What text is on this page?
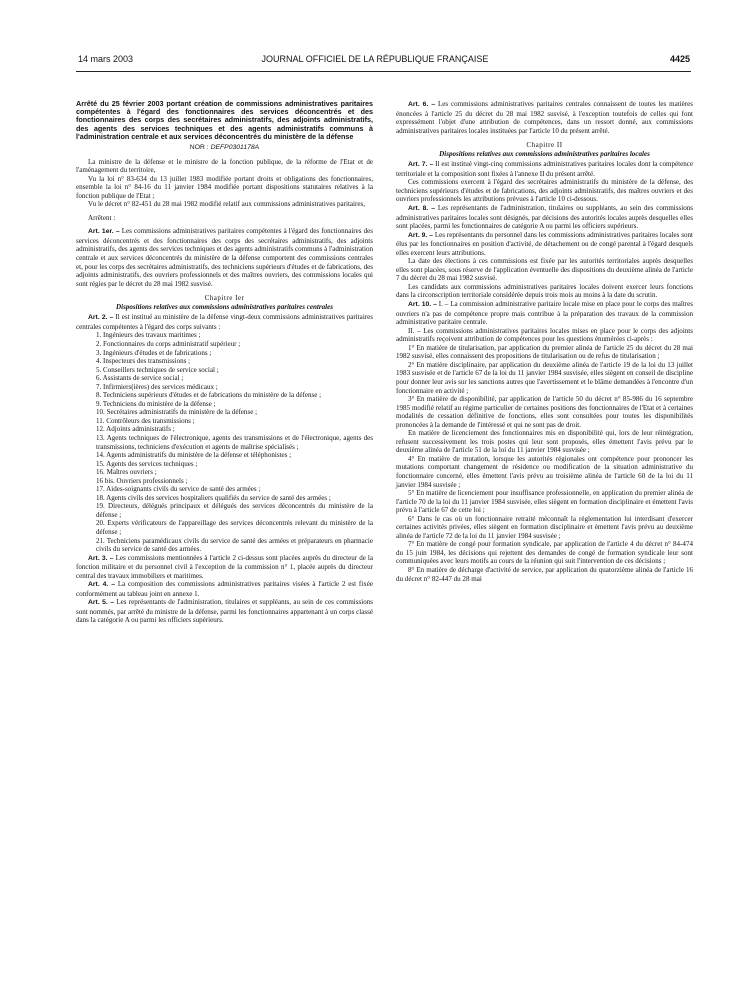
14 mars 2003	JOURNAL OFFICIEL DE LA RÉPUBLIQUE FRANÇAISE	4425

Arrêté du 25 février 2003 portant création de commissions administratives paritaires compétentes à l'égard des fonctionnaires des services déconcentrés et des fonctionnaires des corps des secrétaires administratifs, des adjoints administratifs, des agents des services techniques et des agents administratifs communs à l'administration centrale et aux services déconcentrés du ministère de la défense

NOR : DEFP0301178A

La ministre de la défense et le ministre de la fonction publique, de la réforme de l'Etat et de l'aménagement du territoire,

Vu la loi n° 83-634 du 13 juillet 1983 modifiée portant droits et obligations des fonctionnaires, ensemble la loi n° 84-16 du 11 janvier 1984 modifiée portant dispositions statutaires relatives à la fonction publique de l'Etat ;

Vu le décret n° 82-451 du 28 mai 1982 modifié relatif aux commissions administratives paritaires,

Arrêtent :

Art. 1er. – Les commissions administratives paritaires compétentes à l'égard des fonctionnaires des services déconcentrés et des fonctionnaires des corps des secrétaires administratifs, des adjoints administratifs, des agents des services techniques et des agents administratifs communs à l'administration centrale et aux services déconcentrés du ministère de la défense comportent des commissions centrales et, pour les corps des secrétaires administratifs, des techniciens supérieurs d'études et de fabrications, des adjoints administratifs, des ouvriers professionnels et des maîtres ouvriers, des commissions locales qui sont régies par le décret du 28 mai 1982 susvisé.

Chapitre Ier

Dispositions relatives aux commissions administratives paritaires centrales

Art. 2. – Il est institué au ministère de la défense vingt-deux commissions administratives paritaires centrales compétentes à l'égard des corps suivants :

1. Ingénieurs des travaux maritimes ;

2. Fonctionnaires du corps administratif supérieur ;

3. Ingénieurs d'études et de fabrications ;

4. Inspecteurs des transmissions ;

5. Conseillers techniques de service social ;

6. Assistants de service social ;

7. Infirmiers(ières) des services médicaux ;

8. Techniciens supérieurs d'études et de fabrications du ministère de la défense ;

9. Techniciens du ministère de la défense ;

10. Secrétaires administratifs du ministère de la défense ;

11. Contrôleurs des transmissions ;

12. Adjoints administratifs ;

13. Agents techniques de l'électronique, agents des transmissions et de l'électronique, agents des transmissions, techniciens d'exécution et agents de maîtrise spécialisés ;

14. Agents administratifs du ministère de la défense et téléphonistes ;

15. Agents des services techniques ;

16. Maîtres ouvriers ;

16 bis. Ouvriers professionnels ;

17. Aides-soignants civils du service de santé des armées ;

18. Agents civils des services hospitaliers qualifiés du service de santé des armées ;

19. Directeurs, délégués principaux et délégués des services déconcentrés du ministère de la défense ;

20. Experts vérificateurs de l'appareillage des services déconcentrés relevant du ministère de la défense ;

21. Techniciens paramédicaux civils du service de santé des armées et préparateurs en pharmacie civils du service de santé des armées.

Art. 3. – Les commissions mentionnées à l'article 2 ci-dessus sont placées auprès du directeur de la fonction militaire et du personnel civil à l'exception de la commission n° 1, placée auprès du directeur central des travaux immobiliers et maritimes.

Art. 4. – La composition des commissions administratives paritaires visées à l'article 2 est fixée conformément au tableau joint en annexe 1.

Art. 5. – Les représentants de l'administration, titulaires et suppléants, au sein de ces commissions sont nommés, par arrêté du ministre de la défense, parmi les fonctionnaires appartenant à un corps classé dans la catégorie A ou parmi les officiers supérieurs.

Art. 6. – Les commissions administratives paritaires centrales connaissent de toutes les matières énoncées à l'article 25 du décret du 28 mai 1982 susvisé, à l'exception toutefois de celles qui font expressément l'objet d'une attribution de compétences, dans un ressort donné, aux commissions administratives paritaires locales instituées par l'article 10 du présent arrêté.

Chapitre II

Dispositions relatives aux commissions administratives paritaires locales

Art. 7. – Il est institué vingt-cinq commissions administratives paritaires locales dont la compétence territoriale et la composition sont fixées à l'annexe II du présent arrêté.

Ces commissions exercent à l'égard des secrétaires administratifs du ministère de la défense, des techniciens supérieurs d'études et de fabrications, des adjoints administratifs, des maîtres ouvriers et des ouvriers professionnels les attributions prévues à l'article 10 ci-dessous.

Art. 8. – Les représentants de l'administration, titulaires ou suppléants, au sein des commissions administratives paritaires locales sont désignés, par décisions des autorités locales auprès desquelles elles sont placées, parmi les fonctionnaires de catégorie A ou parmi les officiers supérieurs.

Art. 9. – Les représentants du personnel dans les commissions administratives paritaires locales sont élus par les fonctionnaires en position d'activité, de détachement ou de congé parental à l'égard desquels elles exercent leurs attributions.

La date des élections à ces commissions est fixée par les autorités territoriales auprès desquelles elles sont placées, sous réserve de l'application éventuelle des dispositions du deuxième alinéa de l'article 7 du décret du 28 mai 1982 susvisé.

Les candidats aux commissions administratives paritaires locales doivent exercer leurs fonctions dans la circonscription territoriale considérée depuis trois mois au moins à la date du scrutin.

Art. 10. – I. – La commission administrative paritaire locale mise en place pour le corps des maîtres ouvriers n'a pas de compétence propre mais contribue à la préparation des travaux de la commission administrative paritaire centrale.

II. – Les commissions administratives paritaires locales mises en place pour le corps des adjoints administratifs reçoivent attribution de compétences pour les questions énumérées ci-après :

1° En matière de titularisation, par application du premier alinéa de l'article 25 du décret du 28 mai 1982 susvisé, elles connaissent des propositions de titularisation ou de refus de titularisation ;

2° En matière disciplinaire, par application du deuxième alinéa de l'article 19 de la loi du 13 juillet 1983 susvisée et de l'article 67 de la loi du 11 janvier 1984 susvisée, elles siègent en conseil de discipline pour donner leur avis sur les sanctions autres que l'avertissement et le blâme demandées à l'encontre d'un fonctionnaire en activité ;

3° En matière de disponibilité, par application de l'article 50 du décret n° 85-986 du 16 septembre 1985 modifié relatif au régime particulier de certaines positions des fonctionnaires de l'Etat et à certaines modalités de cessation définitive de fonctions, elles sont consultées pour toutes les disponibilités prononcées à la demande de l'intéressé et qui ne sont pas de droit.

En matière de licenciement des fonctionnaires mis en disponibilité qui, lors de leur réintégration, refusent successivement les trois postes qui leur sont proposés, elles émettent l'avis prévu par le deuxième alinéa de l'article 51 de la loi du 11 janvier 1984 susvisée ;

4° En matière de mutation, lorsque les autorités régionales ont compétence pour prononcer les mutations comportant changement de résidence ou modification de la situation administrative du fonctionnaire concerné, elles émettent l'avis prévu au troisième alinéa de l'article 60 de la loi du 11 janvier 1984 susvisée ;

5° En matière de licenciement pour insuffisance professionnelle, en application du premier alinéa de l'article 70 de la loi du 11 janvier 1984 susvisée, elles siègent en formation disciplinaire et émettent l'avis prévu à l'article 67 de cette loi ;

6° Dans le cas où un fonctionnaire retraité méconnaît la réglementation lui interdisant d'exercer certaines activités privées, elles siègent en formation disciplinaire et émettent l'avis prévu au deuxième alinéa de l'article 72 de la loi du 11 janvier 1984 susvisée ;

7° En matière de congé pour formation syndicale, par application de l'article 4 du décret n° 84-474 du 15 juin 1984, les décisions qui rejettent des demandes de congé de formation syndicale leur sont communiquées avec leurs motifs au cours de la réunion qui suit l'intervention de ces décisions ;

8° En matière de décharge d'activité de service, par application du quatorzième alinéa de l'article 16 du décret n° 82-447 du 28 mai
